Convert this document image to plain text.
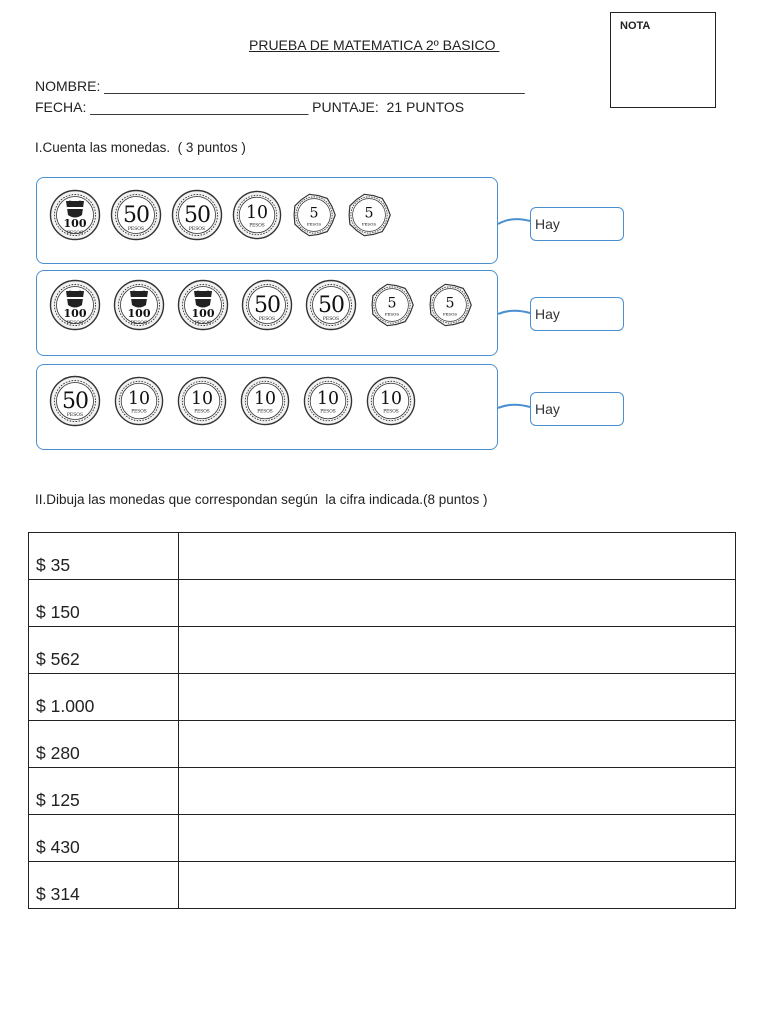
PRUEBA DE MATEMATICA 2º BASICO
NOTA
NOMBRE: ______________________________________________________
FECHA: ____________________________ PUNTAJE:  21 PUNTOS
I.Cuenta las monedas.  ( 3 puntos )
100
PESOS
50
PESOS
50
PESOS
10
PESOS
5
PESOS
5
PESOS	Hay
100
PESOS
100
PESOS
100
PESOS
50
PESOS
50
PESOS
5
PESOS
5
PESOS	Hay
50
PESOS
10
PESOS
10
PESOS
10
PESOS
10
PESOS
10
PESOS	Hay
II.Dibuja las monedas que correspondan según  la cifra indicada.(8 puntos )
$ 35	
$ 150	
$ 562	
$ 1.000	
$ 280	
$ 125	
$ 430	
$ 314	
